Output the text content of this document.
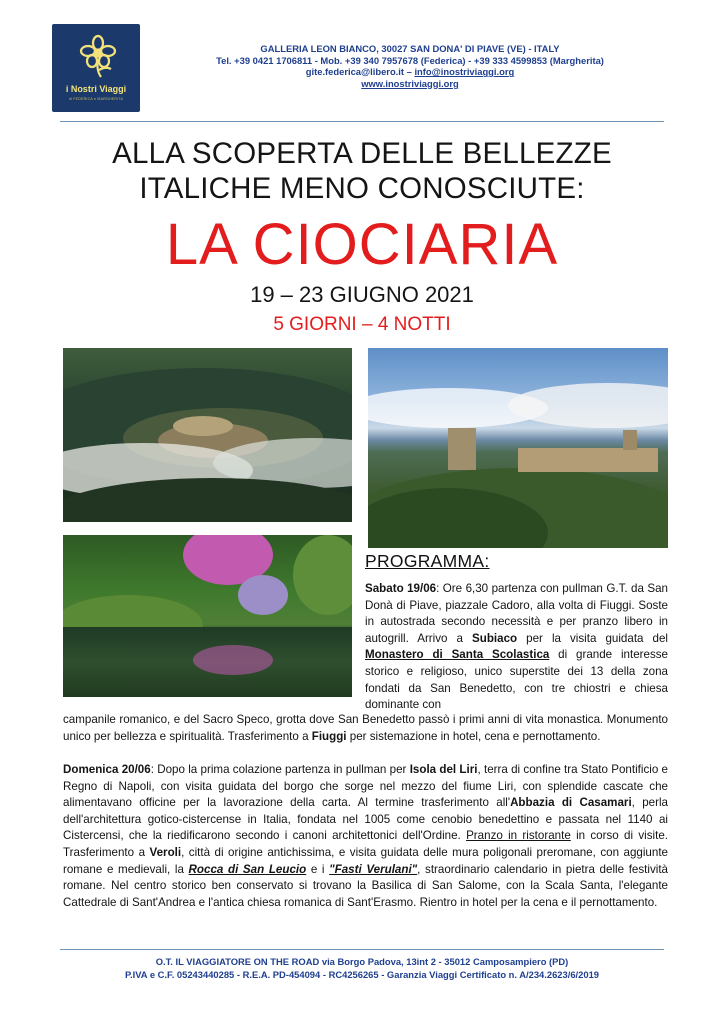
i Nostri Viaggi
di FEDERICA e MARGHERITA
GALLERIA LEON BIANCO, 30027 SAN DONA' DI PIAVE (VE) - ITALY
Tel. +39 0421 1706811 - Mob. +39 340 7957678 (Federica) - +39 333 4599853 (Margherita)
gite.federica@libero.it – info@inostriviaggi.org
www.inostriviaggi.org
ALLA SCOPERTA DELLE BELLEZZE
ITALICHE MENO CONOSCIUTE:
LA CIOCIARIA
19 – 23 GIUGNO 2021
5 GIORNI – 4 NOTTI
PROGRAMMA:
Sabato 19/06: Ore 6,30 partenza con pullman G.T. da San Donà di Piave, piazzale Cadoro, alla volta di Fiuggi. Soste in autostrada secondo necessità e per pranzo libero in autogrill. Arrivo a Subiaco per la visita guidata del Monastero di Santa Scolastica di grande interesse storico e religioso, unico superstite dei 13 della zona fondati da San Benedetto, con tre chiostri e chiesa dominante con
campanile romanico, e del Sacro Speco, grotta dove San Benedetto passò i primi anni di vita monastica. Monumento unico per bellezza e spiritualità. Trasferimento a Fiuggi per sistemazione in hotel, cena e pernottamento.
Domenica 20/06: Dopo la prima colazione partenza in pullman per Isola del Liri, terra di confine tra Stato Pontificio e Regno di Napoli, con visita guidata del borgo che sorge nel mezzo del fiume Liri, con splendide cascate che alimentavano officine per la lavorazione della carta. Al termine trasferimento all'Abbazia di Casamari, perla dell'architettura gotico-cistercense in Italia, fondata nel 1005 come cenobio benedettino e passata nel 1140 ai Cistercensi, che la riedificarono secondo i canoni architettonici dell'Ordine. Pranzo in ristorante in corso di visite. Trasferimento a Veroli, città di origine antichissima, e visita guidata delle mura poligonali preromane, con aggiunte romane e medievali, la Rocca di San Leucio e i "Fasti Verulani", straordinario calendario in pietra delle festività romane. Nel centro storico ben conservato si trovano la Basilica di San Salome, con la Scala Santa, l'elegante Cattedrale di Sant'Andrea e l'antica chiesa romanica di Sant'Erasmo. Rientro in hotel per la cena e il pernottamento.
O.T. IL VIAGGIATORE ON THE ROAD via Borgo Padova, 13int 2 - 35012 Camposampiero (PD)
P.IVA e C.F. 05243440285 - R.E.A. PD-454094 - RC4256265 - Garanzia Viaggi Certificato n. A/234.2623/6/2019
